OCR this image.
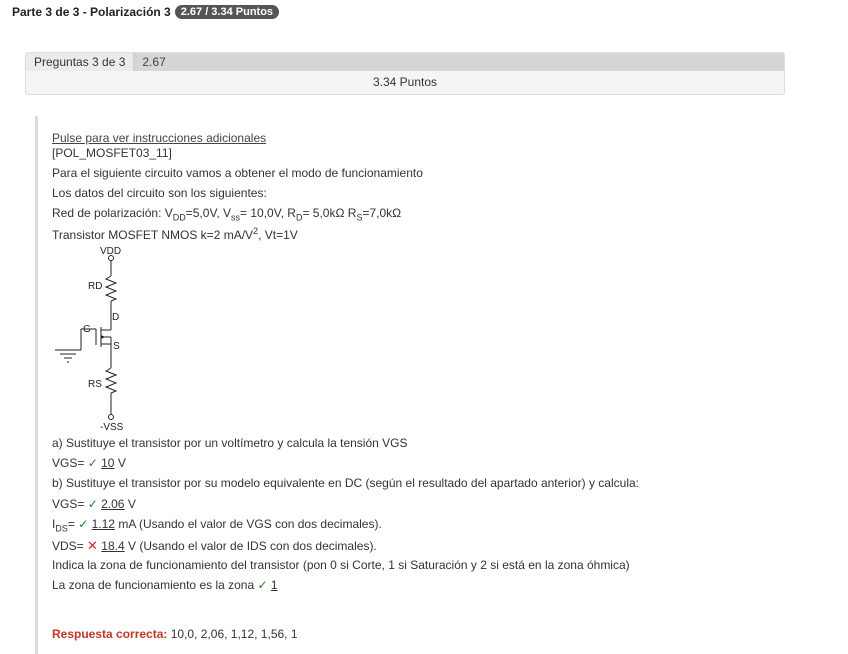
Parte 3 de 3 - Polarización 3 2.67 / 3.34 Puntos
Preguntas 3 de 3	2.67
3.34 Puntos
Pulse para ver instrucciones adicionales
[POL_MOSFET03_11]
Para el siguiente circuito vamos a obtener el modo de funcionamiento
Los datos del circuito son los siguientes:
Red de polarización: $V_{DD}=5,0V$, $V_{ss}= 10,0V$, $R_D= 5,0k\Omega$ $R_S=7,0k\Omega$
Transistor MOSFET NMOS k=2 $mA/V^2$, Vt=1V
VDD
RD
D
G
S
RS
-VSS
a) Sustituye el transistor por un voltímetro y calcula la tensión VGS
VGS= ✓ 10 V
b) Sustituye el transistor por su modelo equivalente en DC (según el resultado del apartado anterior) y calcula:
VGS= ✓ 2.06 V
$I_{DS}=$ ✓ 1.12 mA (Usando el valor de VGS con dos decimales).
VDS= ✕ 18.4 V (Usando el valor de IDS con dos decimales).
Indica la zona de funcionamiento del transistor (pon 0 si Corte, 1 si Saturación y 2 si está en la zona óhmica)
La zona de funcionamiento es la zona ✓ 1
Respuesta correcta: 10,0, 2,06, 1,12, 1,56, 1
